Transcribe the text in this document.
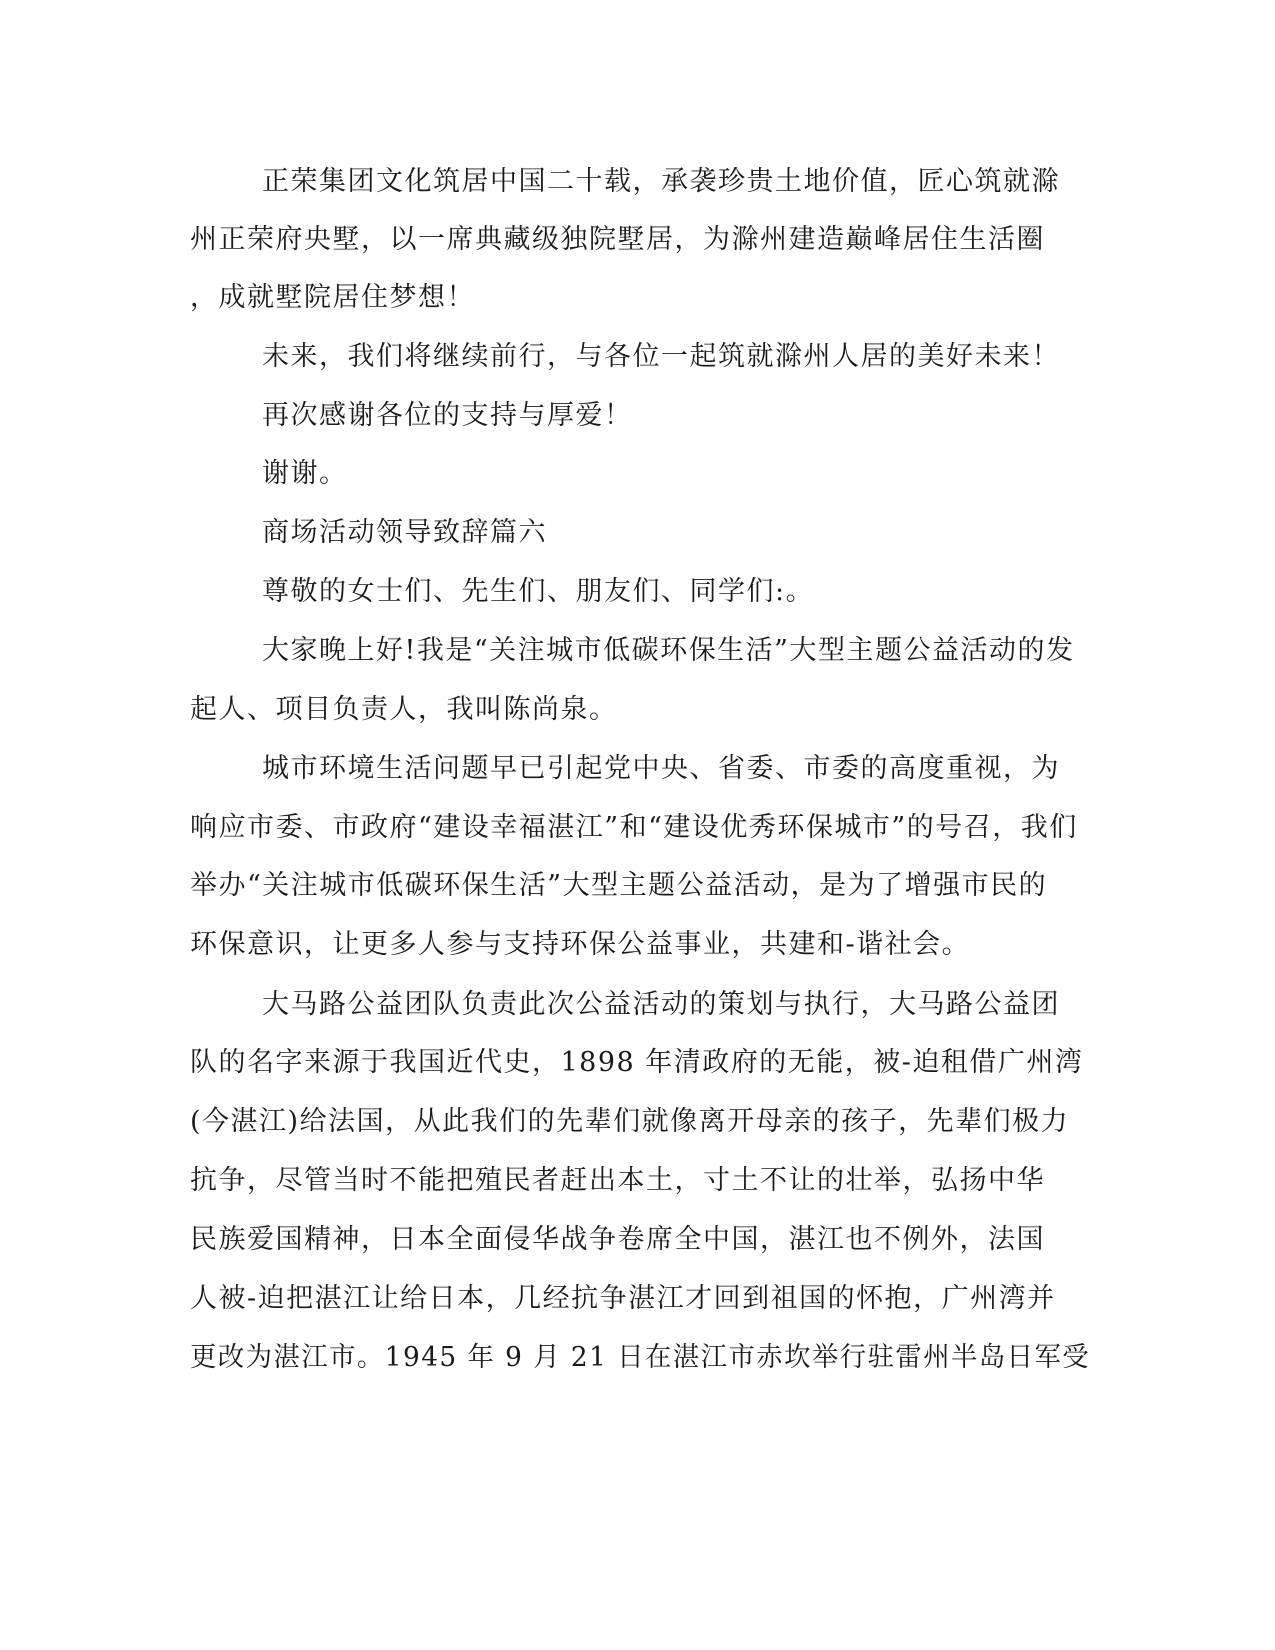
正荣集团文化筑居中国二十载，承袭珍贵土地价值，匠心筑就滁
州正荣府央墅，以一席典藏级独院墅居，为滁州建造巅峰居住生活圈
，成就墅院居住梦想！
未来，我们将继续前行，与各位一起筑就滁州人居的美好未来！
再次感谢各位的支持与厚爱！
谢谢。
商场活动领导致辞篇六
尊敬的女士们、先生们、朋友们、同学们:。
大家晚上好!我是“关注城市低碳环保生活”大型主题公益活动的发
起人、项目负责人，我叫陈尚泉。
城市环境生活问题早已引起党中央、省委、市委的高度重视，为
响应市委、市政府“建设幸福湛江”和“建设优秀环保城市”的号召，我们
举办“关注城市低碳环保生活”大型主题公益活动，是为了增强市民的
环保意识，让更多人参与支持环保公益事业，共建和-谐社会。
大马路公益团队负责此次公益活动的策划与执行，大马路公益团
队的名字来源于我国近代史，1898 年清政府的无能，被-迫租借广州湾
(今湛江)给法国，从此我们的先辈们就像离开母亲的孩子，先辈们极力
抗争，尽管当时不能把殖民者赶出本土，寸土不让的壮举，弘扬中华
民族爱国精神，日本全面侵华战争卷席全中国，湛江也不例外，法国
人被-迫把湛江让给日本，几经抗争湛江才回到祖国的怀抱，广州湾并
更改为湛江市。1945 年 9 月 21 日在湛江市赤坎举行驻雷州半岛日军受
